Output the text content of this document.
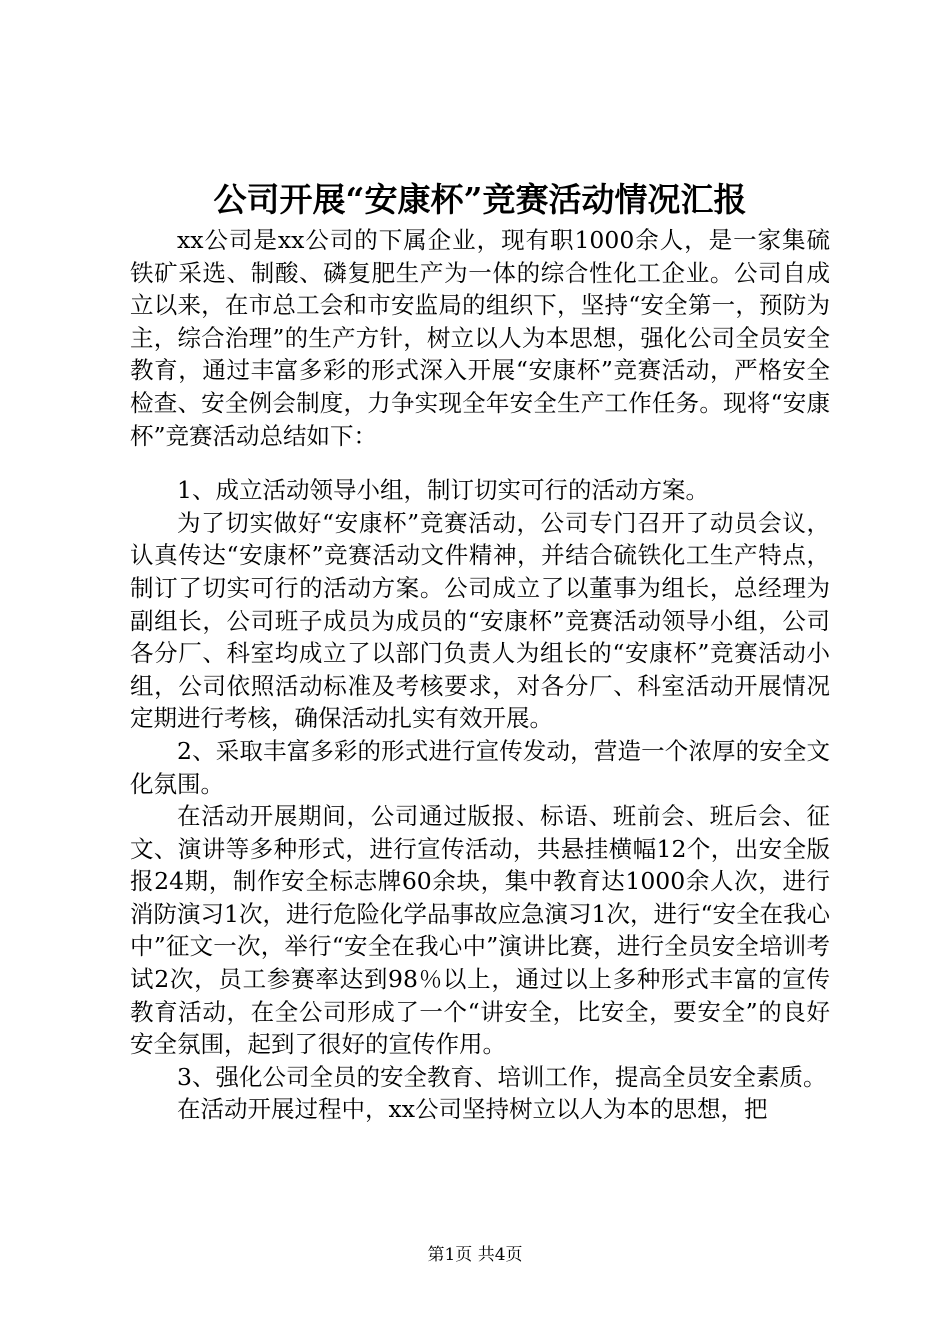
公司开展“安康杯”竞赛活动情况汇报

xx公司是xx公司的下属企业，现有职1000余人，是一家集硫铁矿采选、制酸、磷复肥生产为一体的综合性化工企业。公司自成立以来，在市总工会和市安监局的组织下，坚持“安全第一，预防为主，综合治理”的生产方针，树立以人为本思想，强化公司全员安全教育，通过丰富多彩的形式深入开展“安康杯”竞赛活动，严格安全检查、安全例会制度，力争实现全年安全生产工作任务。现将“安康杯”竞赛活动总结如下：

1、成立活动领导小组，制订切实可行的活动方案。

为了切实做好“安康杯”竞赛活动，公司专门召开了动员会议，认真传达“安康杯”竞赛活动文件精神，并结合硫铁化工生产特点，制订了切实可行的活动方案。公司成立了以董事为组长，总经理为副组长，公司班子成员为成员的“安康杯”竞赛活动领导小组，公司各分厂、科室均成立了以部门负责人为组长的“安康杯”竞赛活动小组，公司依照活动标准及考核要求，对各分厂、科室活动开展情况定期进行考核，确保活动扎实有效开展。

2、采取丰富多彩的形式进行宣传发动，营造一个浓厚的安全文化氛围。

在活动开展期间，公司通过版报、标语、班前会、班后会、征文、演讲等多种形式，进行宣传活动，共悬挂横幅12个，出安全版报24期，制作安全标志牌60余块，集中教育达1000余人次，进行消防演习1次，进行危险化学品事故应急演习1次，进行“安全在我心中”征文一次，举行“安全在我心中”演讲比赛，进行全员安全培训考试2次，员工参赛率达到98％以上，通过以上多种形式丰富的宣传教育活动，在全公司形成了一个“讲安全，比安全，要安全”的良好安全氛围，起到了很好的宣传作用。

3、强化公司全员的安全教育、培训工作，提高全员安全素质。

在活动开展过程中，xx公司坚持树立以人为本的思想，把

第1页 共4页
